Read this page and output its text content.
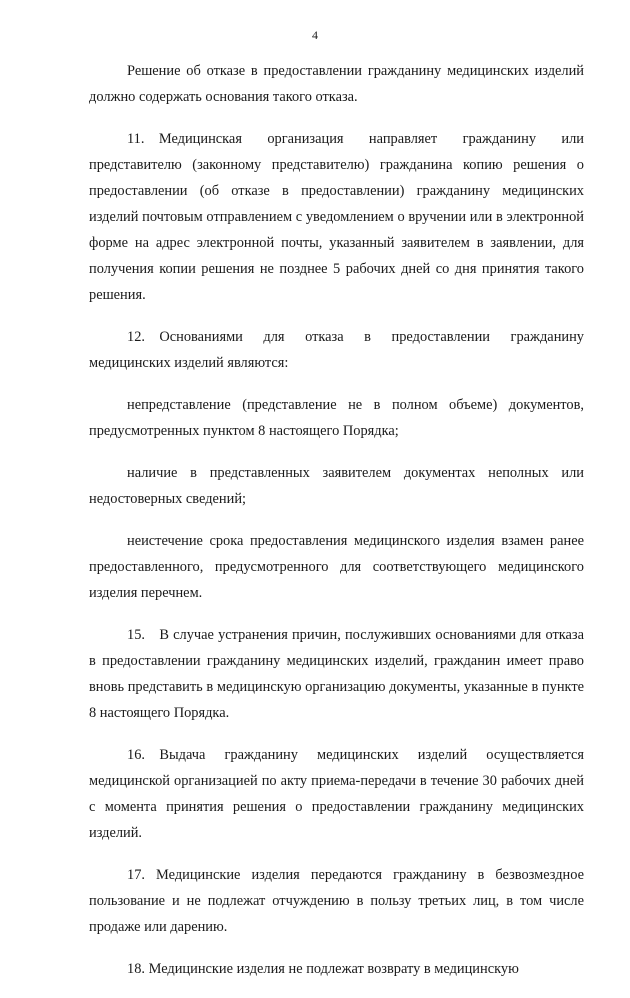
4

Решение об отказе в предоставлении гражданину медицинских изделий должно содержать основания такого отказа.

11. Медицинская организация направляет гражданину или представителю (законному представителю) гражданина копию решения о предоставлении (об отказе в предоставлении) гражданину медицинских изделий почтовым отправлением с уведомлением о вручении или в электронной форме на адрес электронной почты, указанный заявителем в заявлении, для получения копии решения не позднее 5 рабочих дней со дня принятия такого решения.

12. Основаниями для отказа в предоставлении гражданину медицинских изделий являются:

непредставление (представление не в полном объеме) документов, предусмотренных пунктом 8 настоящего Порядка;

наличие в представленных заявителем документах неполных или недостоверных сведений;

неистечение срока предоставления медицинского изделия взамен ранее предоставленного, предусмотренного для соответствующего медицинского изделия перечнем.

15. В случае устранения причин, послуживших основаниями для отказа в предоставлении гражданину медицинских изделий, гражданин имеет право вновь представить в медицинскую организацию документы, указанные в пункте 8 настоящего Порядка.

16. Выдача гражданину медицинских изделий осуществляется медицинской организацией по акту приема-передачи в течение 30 рабочих дней с момента принятия решения о предоставлении гражданину медицинских изделий.

17. Медицинские изделия передаются гражданину в безвозмездное пользование и не подлежат отчуждению в пользу третьих лиц, в том числе продаже или дарению.

18. Медицинские изделия не подлежат возврату в медицинскую
